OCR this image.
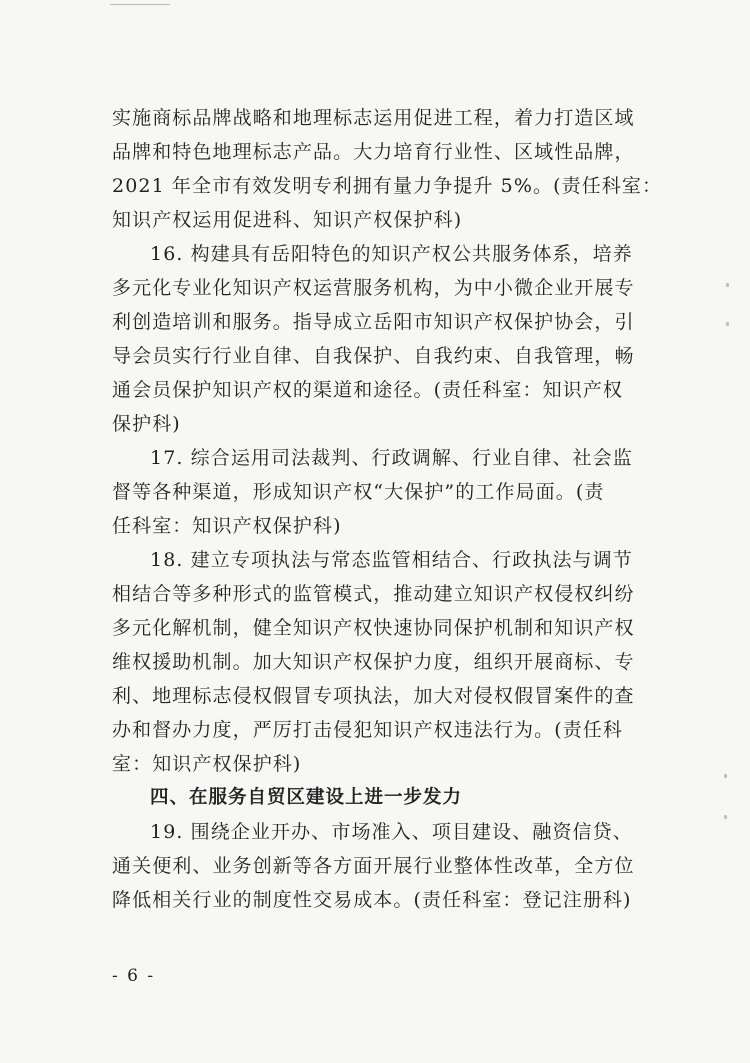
实施商标品牌战略和地理标志运用促进工程，着力打造区域
品牌和特色地理标志产品。大力培育行业性、区域性品牌，
2021 年全市有效发明专利拥有量力争提升 5%。(责任科室：
知识产权运用促进科、知识产权保护科)
16. 构建具有岳阳特色的知识产权公共服务体系，培养
多元化专业化知识产权运营服务机构，为中小微企业开展专
利创造培训和服务。指导成立岳阳市知识产权保护协会，引
导会员实行行业自律、自我保护、自我约束、自我管理，畅
通会员保护知识产权的渠道和途径。(责任科室：知识产权
保护科)
17. 综合运用司法裁判、行政调解、行业自律、社会监
督等各种渠道，形成知识产权“大保护”的工作局面。(责
任科室：知识产权保护科)
18. 建立专项执法与常态监管相结合、行政执法与调节
相结合等多种形式的监管模式，推动建立知识产权侵权纠纷
多元化解机制，健全知识产权快速协同保护机制和知识产权
维权援助机制。加大知识产权保护力度，组织开展商标、专
利、地理标志侵权假冒专项执法，加大对侵权假冒案件的查
办和督办力度，严厉打击侵犯知识产权违法行为。(责任科
室：知识产权保护科)
四、在服务自贸区建设上进一步发力
19. 围绕企业开办、市场准入、项目建设、融资信贷、
通关便利、业务创新等各方面开展行业整体性改革，全方位
降低相关行业的制度性交易成本。(责任科室：登记注册科)
- 6 -
